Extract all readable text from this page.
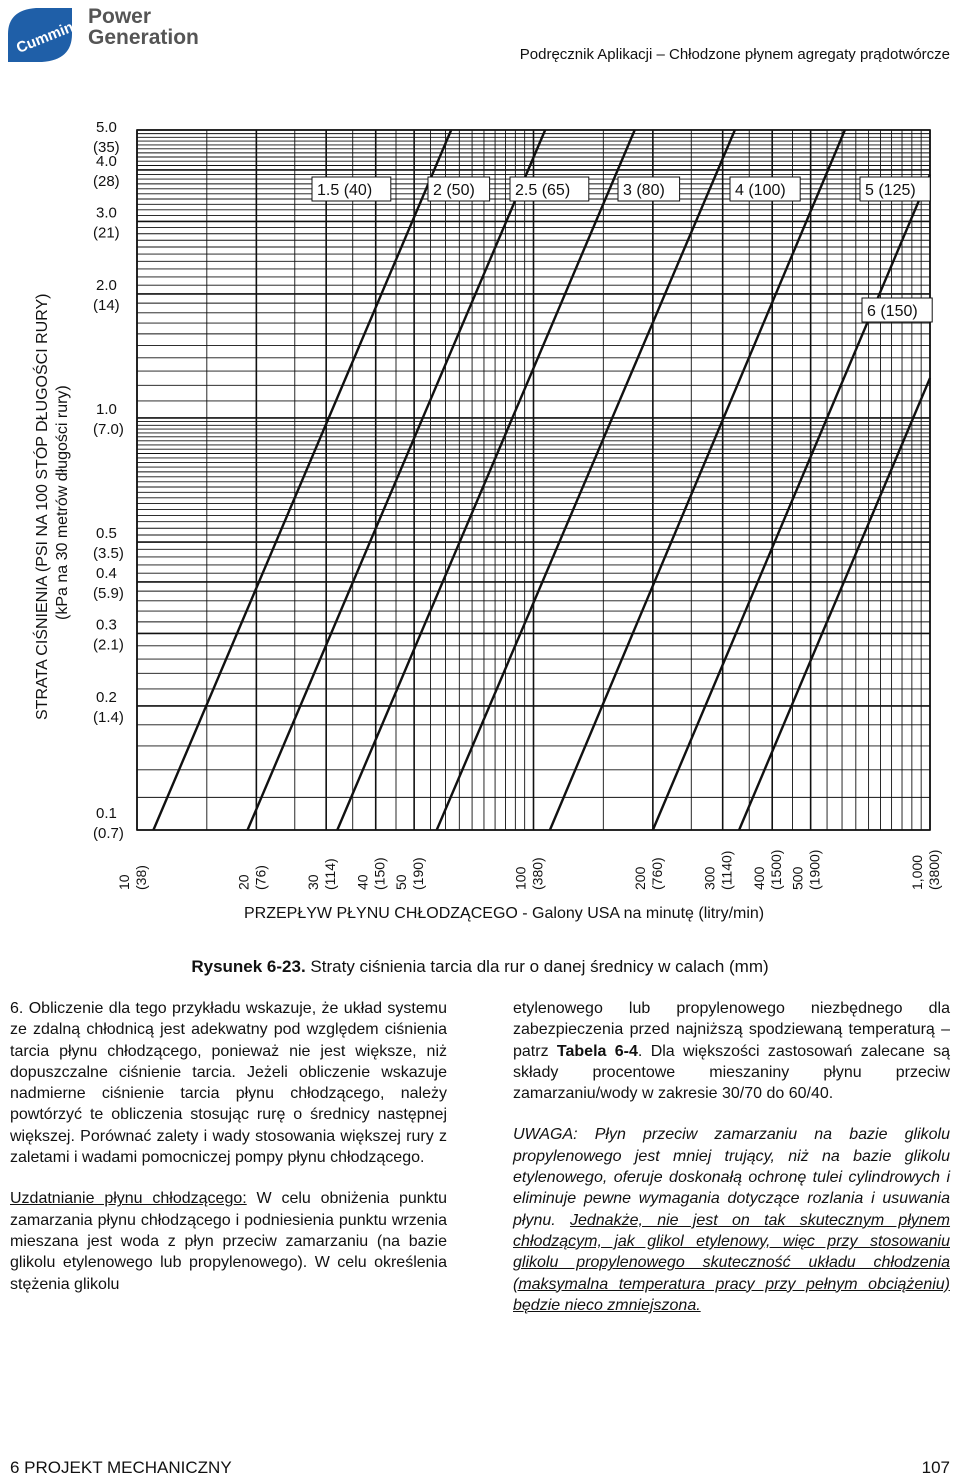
Cummins Power
Generation
Podręcznik Aplikacji – Chłodzone płynem agregaty prądotwórcze
5.0
(35)
4.0
(28)
3.0
(21)
2.0
(14)
1.0
(7.0)
0.5
(3.5)
0.4
(5.9)
0.3
(2.1)
0.2
(1.4)
0.1
(0.7)
10 (38)	20 (76)	30 (114) 40 (150) 50 (190)	100 (380)	200 (760)	300 (1140) 400 (1500) 500 (1900)	1,000 (3800)
1.5 (40)	2 (50)	2.5 (65)	3 (80)	4 (100)	5 (125)
6 (150)
STRATA CIŚNIENIA (PSI NA 100 STÓP DŁUGOŚCI RURY) (kPa na 30 metrów długości rury)
PRZEPŁYW PŁYNU CHŁODZĄCEGO - Galony USA na minutę (litry/min)
Rysunek 6-23. Straty ciśnienia tarcia dla rur o danej średnicy w calach (mm)

6. Obliczenie dla tego przykładu wskazuje, że układ systemu ze zdalną chłodnicą jest adekwatny pod względem ciśnienia tarcia płynu chłodzącego, ponieważ nie jest większe, niż dopuszczalne ciśnienie tarcia. Jeżeli obliczenie wskazuje nadmierne ciśnienie tarcia płynu chłodzącego, należy powtórzyć te obliczenia stosując rurę o średnicy następnej większej. Porównać zalety i wady stosowania większej rury z zaletami i wadami pomocniczej pompy płynu chłodzącego.

Uzdatnianie płynu chłodzącego: W celu obniżenia punktu zamarzania płynu chłodzącego i podniesienia punktu wrzenia mieszana jest woda z płyn przeciw zamarzaniu (na bazie glikolu etylenowego lub propylenowego). W celu określenia stężenia glikolu

etylenowego lub propylenowego niezbędnego dla zabezpieczenia przed najniższą spodziewaną temperaturą – patrz Tabela 6-4. Dla większości zastosowań zalecane są składy procentowe mieszaniny płynu przeciw zamarzaniu/wody w zakresie 30/70 do 60/40.

UWAGA: Płyn przeciw zamarzaniu na bazie glikolu propylenowego jest mniej trujący, niż na bazie glikolu etylenowego, oferuje doskonałą ochronę tulei cylindrowych i eliminuje pewne wymagania dotyczące rozlania i usuwania płynu. Jednakże, nie jest on tak skutecznym płynem chłodzącym, jak glikol etylenowy, więc przy stosowaniu glikolu propylenowego skuteczność układu chłodzenia (maksymalna temperatura pracy przy pełnym obciążeniu) będzie nieco zmniejszona.

6 PROJEKT MECHANICZNY	107
